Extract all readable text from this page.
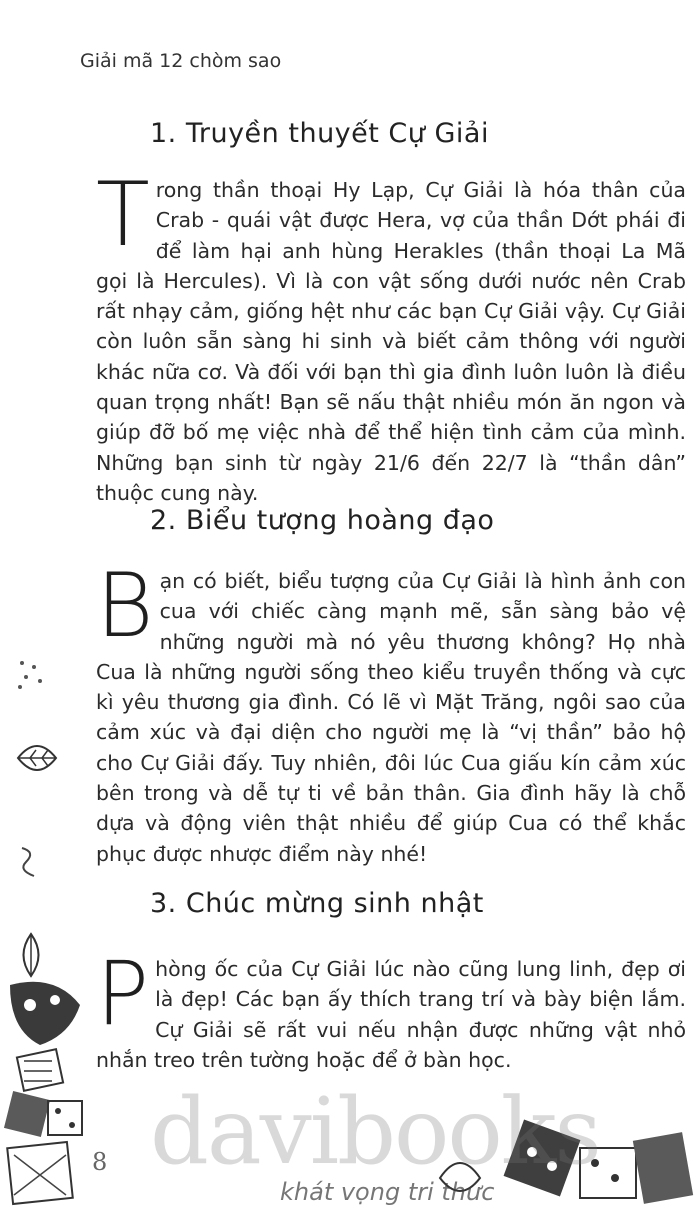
Giải mã 12 chòm sao
1. Truyền thuyết Cự Giải
T rong thần thoại Hy Lạp, Cự Giải là hóa thân của Crab - quái vật được Hera, vợ của thần Dớt phái đi để làm hại anh hùng Herakles (thần thoại La Mã gọi là Hercules). Vì là con vật sống dưới nước nên Crab rất nhạy cảm, giống hệt như các bạn Cự Giải vậy. Cự Giải còn luôn sẵn sàng hi sinh và biết cảm thông với người khác nữa cơ. Và đối với bạn thì gia đình luôn luôn là điều quan trọng nhất! Bạn sẽ nấu thật nhiều món ăn ngon và giúp đỡ bố mẹ việc nhà để thể hiện tình cảm của mình. Những bạn sinh từ ngày 21/6 đến 22/7 là “thần dân” thuộc cung này.
2. Biểu tượng hoàng đạo
B ạn có biết, biểu tượng của Cự Giải là hình ảnh con cua với chiếc càng mạnh mẽ, sẵn sàng bảo vệ những người mà nó yêu thương không? Họ nhà Cua là những người sống theo kiểu truyền thống và cực kì yêu thương gia đình. Có lẽ vì Mặt Trăng, ngôi sao của cảm xúc và đại diện cho người mẹ là “vị thần” bảo hộ cho Cự Giải đấy. Tuy nhiên, đôi lúc Cua giấu kín cảm xúc bên trong và dễ tự ti về bản thân. Gia đình hãy là chỗ dựa và động viên thật nhiều để giúp Cua có thể khắc phục được nhược điểm này nhé!
3. Chúc mừng sinh nhật
P hòng ốc của Cự Giải lúc nào cũng lung linh, đẹp ơi là đẹp! Các bạn ấy thích trang trí và bày biện lắm. Cự Giải sẽ rất vui nếu nhận được những vật nhỏ nhắn treo trên tường hoặc để ở bàn học.
8 davibooks
khát vọng tri thức
